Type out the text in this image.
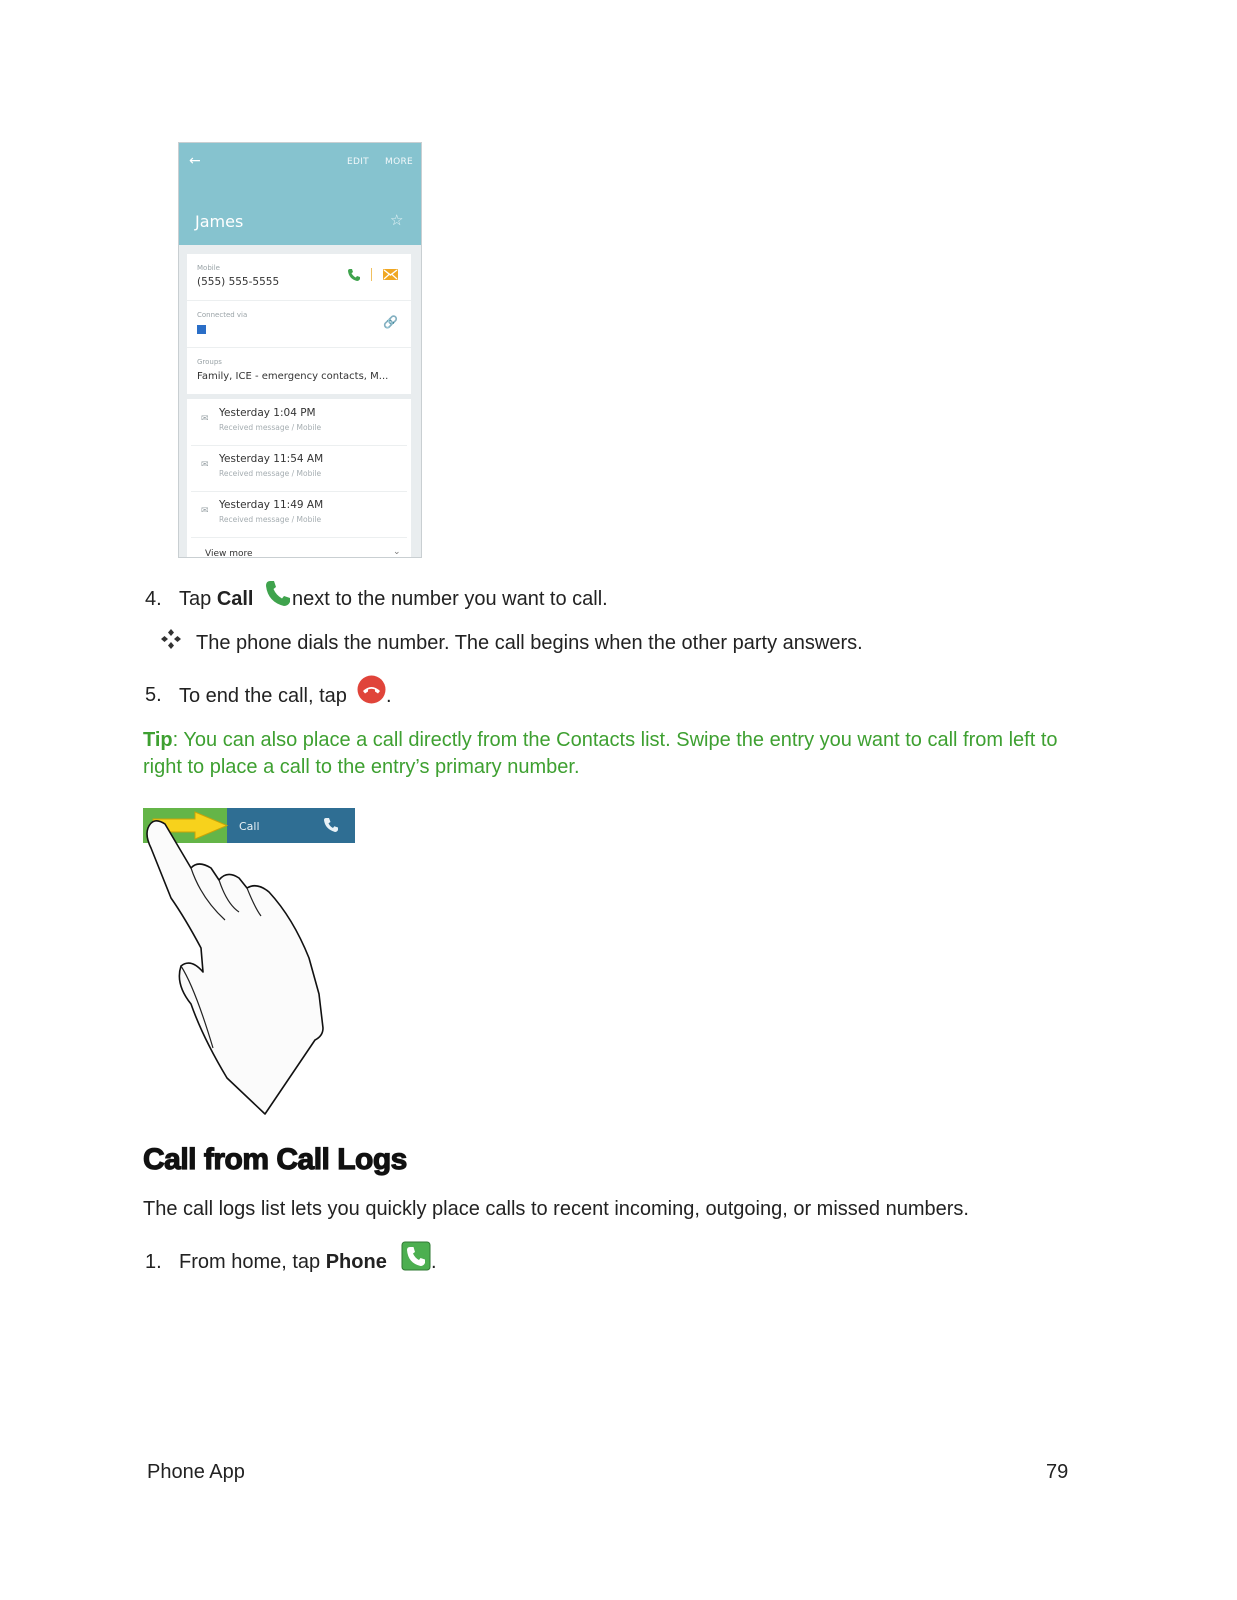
←	EDIT MORE
James	☆
Mobile
(555) 555-5555
Connected via	🔗
Groups
Family, ICE - emergency contacts, M...
✉ Yesterday 1:04 PM
Received message / Mobile
✉ Yesterday 11:54 AM
Received message / Mobile
✉ Yesterday 11:49 AM
Received message / Mobile
View more	⌄
4. Tap Call next to the number you want to call.
The phone dials the number. The call begins when the other party answers.
5. To end the call, tap .
Tip: You can also place a call directly from the Contacts list. Swipe the entry you want to call from left to right to place a call to the entry’s primary number.
Call
Call from Call Logs
The call logs list lets you quickly place calls to recent incoming, outgoing, or missed numbers.
1. From home, tap Phone .
Phone App	79
